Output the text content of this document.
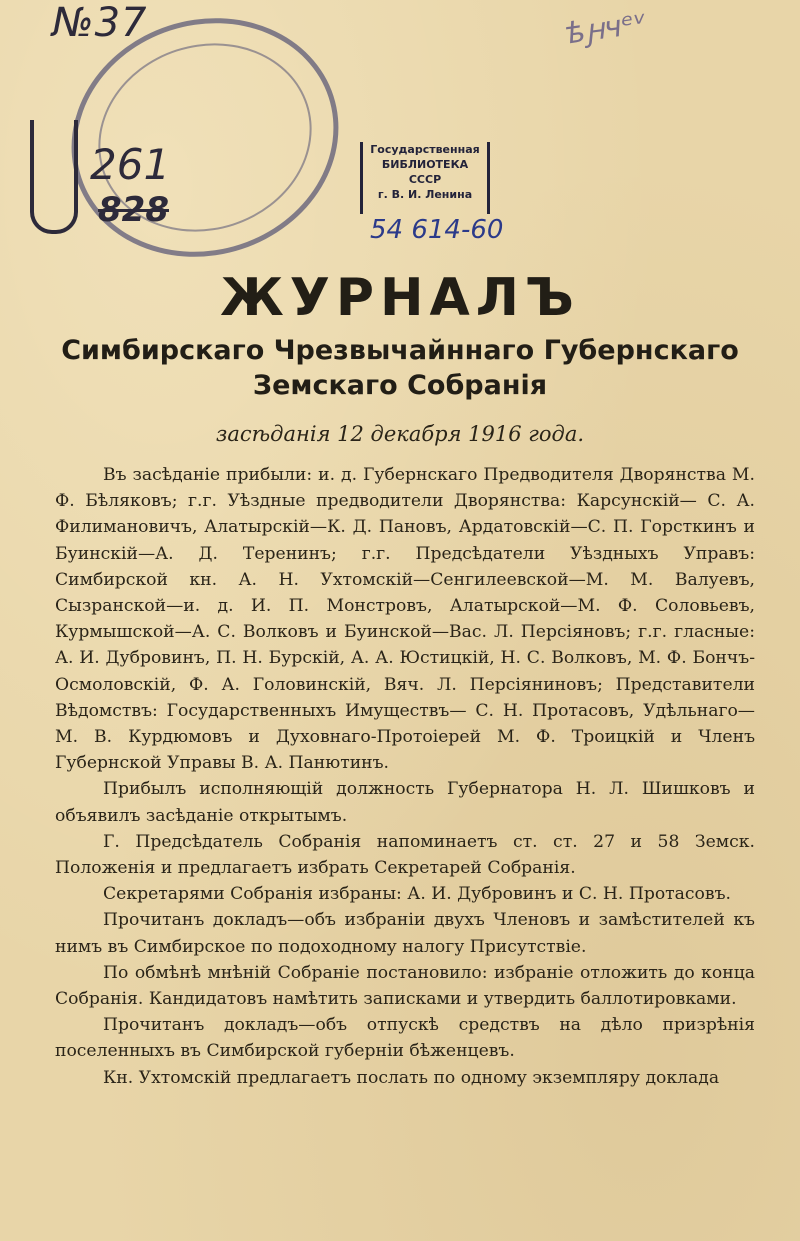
№37
261
828
ѣԩчᵉᵛ
Государственная
БИБЛИОТЕКА
СССР
г. В. И. Ленина
54 614-60
ЖУРНАЛЪ
Симбирскаго Чрезвычайннаго Губернскаго
Земскаго Собранія
засѣданія 12 декабря 1916 года.

Въ засѣданіе прибыли: и. д. Губернскаго Предводителя Дворянства М. Ф. Бѣляковъ; г.г. Уѣздные предводители Дворянства: Карсунскій— С. А. Филимановичъ, Алатырскій—К. Д. Пановъ, Ардатовскій—С. П. Горсткинъ и Буинскій—А. Д. Теренинъ; г.г. Предсѣдатели Уѣздныхъ Управъ: Симбирской кн. А. Н. Ухтомскій—Сенгилеевской—М. М. Валуевъ, Сызранской—и. д. И. П. Монстровъ, Алатырской—М. Ф. Соловьевъ, Курмышской—А. С. Волковъ и Буинской—Вас. Л. Персіяновъ; г.г. гласные: А. И. Дубровинъ, П. Н. Бурскій, А. А. Юстицкій, Н. С. Волковъ, М. Ф. Бончъ-Осмоловскій, Ф. А. Головинскій, Вяч. Л. Персіяниновъ; Представители Вѣдомствъ: Государственныхъ Имуществъ— С. Н. Протасовъ, Удѣльнаго—М. В. Курдюмовъ и Духовнаго-Протоіерей М. Ф. Троицкій и Членъ Губернской Управы В. А. Панютинъ.

Прибылъ исполняющій должность Губернатора Н. Л. Шишковъ и объявилъ засѣданіе открытымъ.

Г. Предсѣдатель Собранія напоминаетъ ст. ст. 27 и 58 Земск. Положенія и предлагаетъ избрать Секретарей Собранія.

Секретарями Собранія избраны: А. И. Дубровинъ и С. Н. Протасовъ.

Прочитанъ докладъ—объ избраніи двухъ Членовъ и замѣстителей къ нимъ въ Симбирское по подоходному налогу Присутствіе.

По обмѣнѣ мнѣній Собраніе постановило: избраніе отложить до конца Собранія. Кандидатовъ намѣтить записками и утвердить баллотировками.

Прочитанъ докладъ—объ отпускѣ средствъ на дѣло призрѣнія поселенныхъ въ Симбирской губерніи бѣженцевъ.

Кн. Ухтомскій предлагаетъ послать по одному экземпляру доклада
